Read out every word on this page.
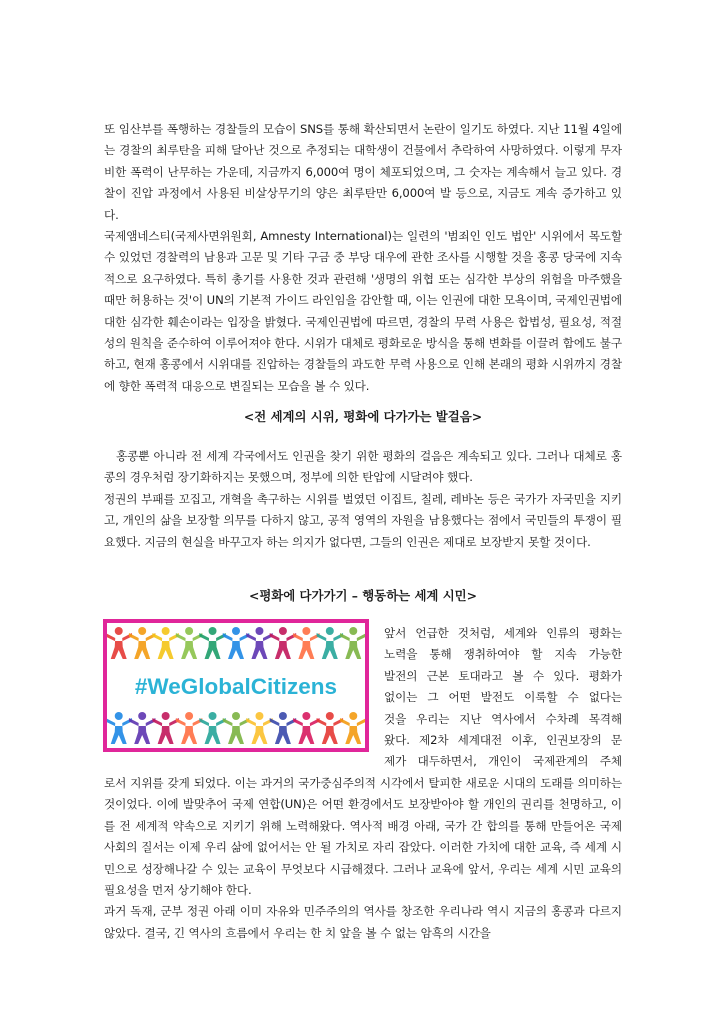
또 임산부를 폭행하는 경찰들의 모습이 SNS를 통해 확산되면서 논란이 일기도 하였다. 지난 11월 4일에는 경찰의 최루탄을 피해 달아난 것으로 추정되는 대학생이 건물에서 추락하여 사망하였다. 이렇게 무자비한 폭력이 난무하는 가운데, 지금까지 6,000여 명이 체포되었으며, 그 숫자는 계속해서 늘고 있다. 경찰이 진압 과정에서 사용된 비살상무기의 양은 최루탄만 6,000여 발 등으로, 지금도 계속 증가하고 있다.

국제앰네스티(국제사면위원회, Amnesty International)는 일련의 '범죄인 인도 법안' 시위에서 목도할 수 있었던 경찰력의 남용과 고문 및 기타 구금 중 부당 대우에 관한 조사를 시행할 것을 홍콩 당국에 지속적으로 요구하였다. 특히 총기를 사용한 것과 관련해 '생명의 위협 또는 심각한 부상의 위험을 마주했을 때만 허용하는 것'이 UN의 기본적 가이드 라인임을 감안할 때, 이는 인권에 대한 모욕이며, 국제인권법에 대한 심각한 훼손이라는 입장을 밝혔다. 국제인권법에 따르면, 경찰의 무력 사용은 합법성, 필요성, 적절성의 원칙을 준수하여 이루어져야 한다. 시위가 대체로 평화로운 방식을 통해 변화를 이끌려 함에도 불구하고, 현재 홍콩에서 시위대를 진압하는 경찰들의 과도한 무력 사용으로 인해 본래의 평화 시위까지 경찰에 향한 폭력적 대응으로 변질되는 모습을 볼 수 있다.

<전 세계의 시위, 평화에 다가가는 발걸음>

홍콩뿐 아니라 전 세계 각국에서도 인권을 찾기 위한 평화의 걸음은 계속되고 있다. 그러나 대체로 홍콩의 경우처럼 장기화하지는 못했으며, 정부에 의한 탄압에 시달려야 했다.

정권의 부패를 꼬집고, 개혁을 촉구하는 시위를 벌였던 이집트, 칠레, 레바논 등은 국가가 자국민을 지키고, 개인의 삶을 보장할 의무를 다하지 않고, 공적 영역의 자원을 남용했다는 점에서 국민들의 투쟁이 필요했다. 지금의 현실을 바꾸고자 하는 의지가 없다면, 그들의 인권은 제대로 보장받지 못할 것이다.

<평화에 다가가기 – 행동하는 세계 시민>

#WeGlobalCitizens

앞서 언급한 것처럼, 세계와 인류의 평화는
노력을 통해 쟁취하여야 할 지속 가능한
발전의 근본 토대라고 볼 수 있다. 평화가
없이는 그 어떤 발전도 이룩할 수 없다는
것을 우리는 지난 역사에서 수차례 목격해
왔다. 제2차 세계대전 이후, 인권보장의 문
제가 대두하면서, 개인이 국제관계의 주체

로서 지위를 갖게 되었다. 이는 과거의 국가중심주의적 시각에서 탈피한 새로운 시대의 도래를 의미하는 것이었다. 이에 발맞추어 국제 연합(UN)은 어떤 환경에서도 보장받아야 할 개인의 권리를 천명하고, 이를 전 세계적 약속으로 지키기 위해 노력해왔다. 역사적 배경 아래, 국가 간 합의를 통해 만들어온 국제 사회의 질서는 이제 우리 삶에 없어서는 안 될 가치로 자리 잡았다. 이러한 가치에 대한 교육, 즉 세계 시민으로 성장해나갈 수 있는 교육이 무엇보다 시급해졌다. 그러나 교육에 앞서, 우리는 세계 시민 교육의 필요성을 먼저 상기해야 한다.

과거 독재, 군부 정권 아래 이미 자유와 민주주의의 역사를 창조한 우리나라 역시 지금의 홍콩과 다르지 않았다. 결국, 긴 역사의 흐름에서 우리는 한 치 앞을 볼 수 없는 암흑의 시간을
